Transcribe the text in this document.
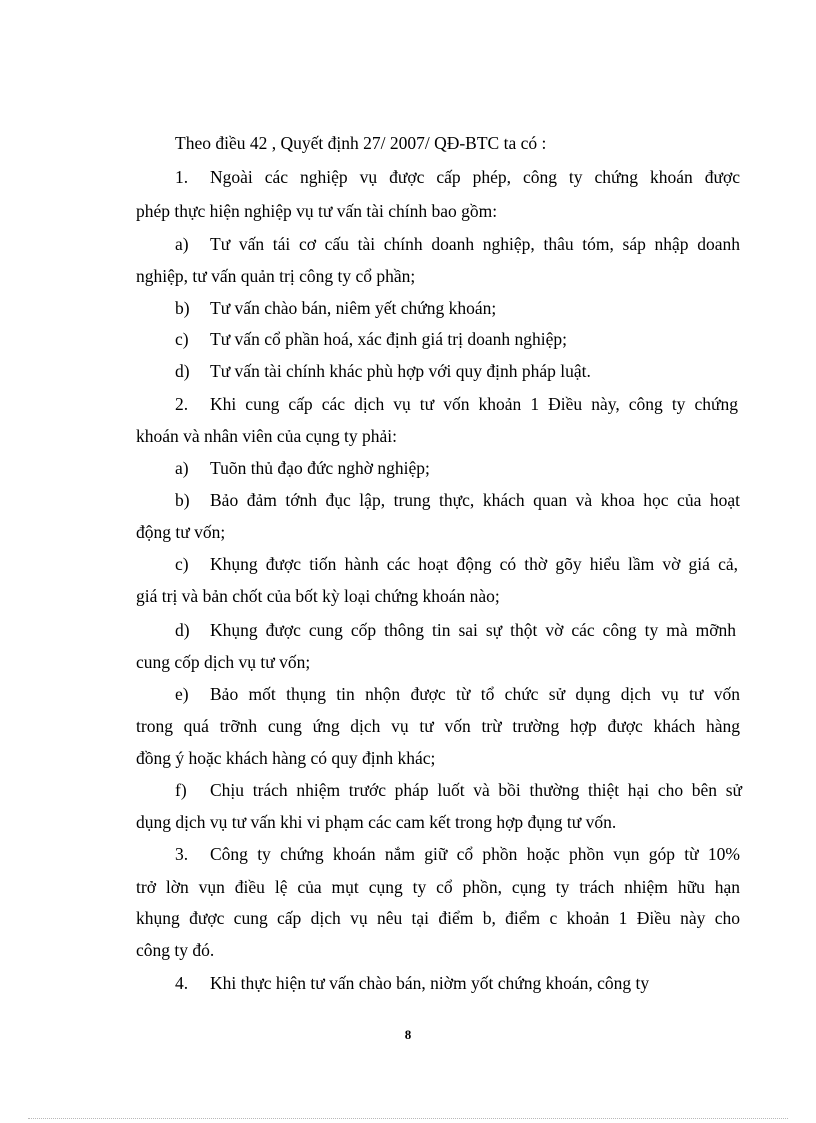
Theo điều 42 , Quyết định 27/ 2007/ QĐ-BTC ta có :
1. Ngoài các nghiệp vụ được cấp phép, công ty chứng khoán được
phép thực hiện nghiệp vụ tư vấn tài chính bao gồm:
a) Tư vấn tái cơ cấu tài chính doanh nghiệp, thâu tóm, sáp nhập doanh
nghiệp, tư vấn quản trị công ty cổ phần;
b) Tư vấn chào bán, niêm yết chứng khoán;
c) Tư vấn cổ phần hoá, xác định giá trị doanh nghiệp;
d) Tư vấn tài chính khác phù hợp với quy định pháp luật.
2. Khi cung cấp các dịch vụ tư vốn khoản 1 Điều này, công ty chứng
khoán và nhân viên của cụng ty phải:
a) Tuõn thủ đạo đức nghờ nghiệp;
b) Bảo đảm tớnh đục lập, trung thực, khách quan và khoa học của hoạt
động tư vốn;
c) Khụng được tiốn hành các hoạt động có thờ gõy hiểu lầm vờ giá cả,
giá trị và bản chốt của bốt kỳ loại chứng khoán nào;
d) Khụng được cung cốp thông tin sai sự thột vờ các công ty mà mỡnh
cung cốp dịch vụ tư vốn;
e) Bảo mốt thụng tin nhộn được từ tổ chức sử dụng dịch vụ tư vốn
trong quá trỡnh cung ứng dịch vụ tư vốn trừ trường hợp được khách hàng
đồng ý hoặc khách hàng có quy định khác;
f) Chịu trách nhiệm trước pháp luốt và bồi thường thiệt hại cho bên sử
dụng dịch vụ tư vấn khi vi phạm các cam kết trong hợp đụng tư vốn.
3. Công ty chứng khoán nắm giữ cổ phồn hoặc phồn vụn góp từ 10%
trở lờn vụn điều lệ của mụt cụng ty cổ phồn, cụng ty trách nhiệm hữu hạn
khụng được cung cấp dịch vụ nêu tại điểm b, điểm c khoản 1 Điều này cho
công ty đó.
4. Khi thực hiện tư vấn chào bán, niờm yốt chứng khoán, công ty
8
